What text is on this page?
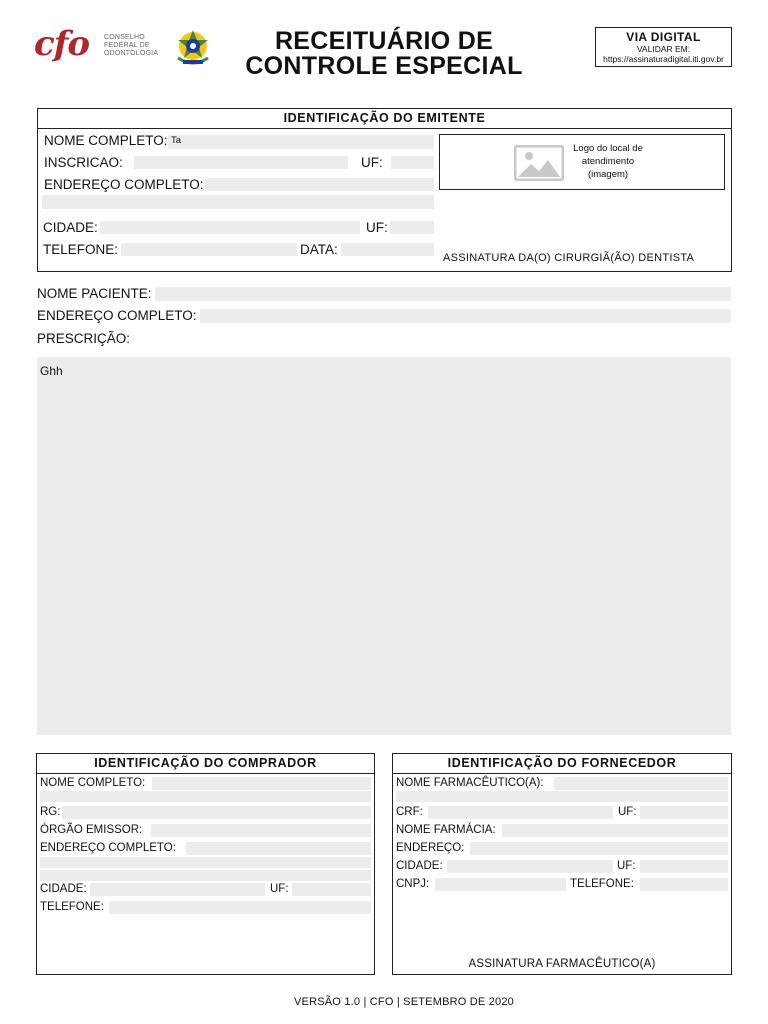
cfo CONSELHO
FEDERAL DE
ODONTOLOGIA	RECEITUÁRIO DE
CONTROLE ESPECIAL
VIA DIGITAL
VALIDAR EM:
https://assinaturadigital.iti.gov.br
IDENTIFICAÇÃO DO EMITENTE
NOME COMPLETO: Ta
INSCRICAO:	UF:
ENDEREÇO COMPLETO:
CIDADE:	UF:
TELEFONE:	DATA:
Logo do local de
atendimento
(imagem)
ASSINATURA DA(O) CIRURGIÃ(ÃO) DENTISTA
NOME PACIENTE:
ENDEREÇO COMPLETO:
PRESCRIÇÃO:
Ghh
IDENTIFICAÇÃO DO COMPRADOR
NOME COMPLETO:
RG:
ÓRGÃO EMISSOR:
ENDEREÇO COMPLETO:
CIDADE:	UF:
TELEFONE:
IDENTIFICAÇÃO DO FORNECEDOR
NOME FARMACÊUTICO(A):
CRF:	UF:
NOME FARMÁCIA:
ENDEREÇO:
CIDADE:	UF:
CNPJ:	TELEFONE:
ASSINATURA FARMACÊUTICO(A)
VERSÃO 1.0 | CFO | SETEMBRO DE 2020
